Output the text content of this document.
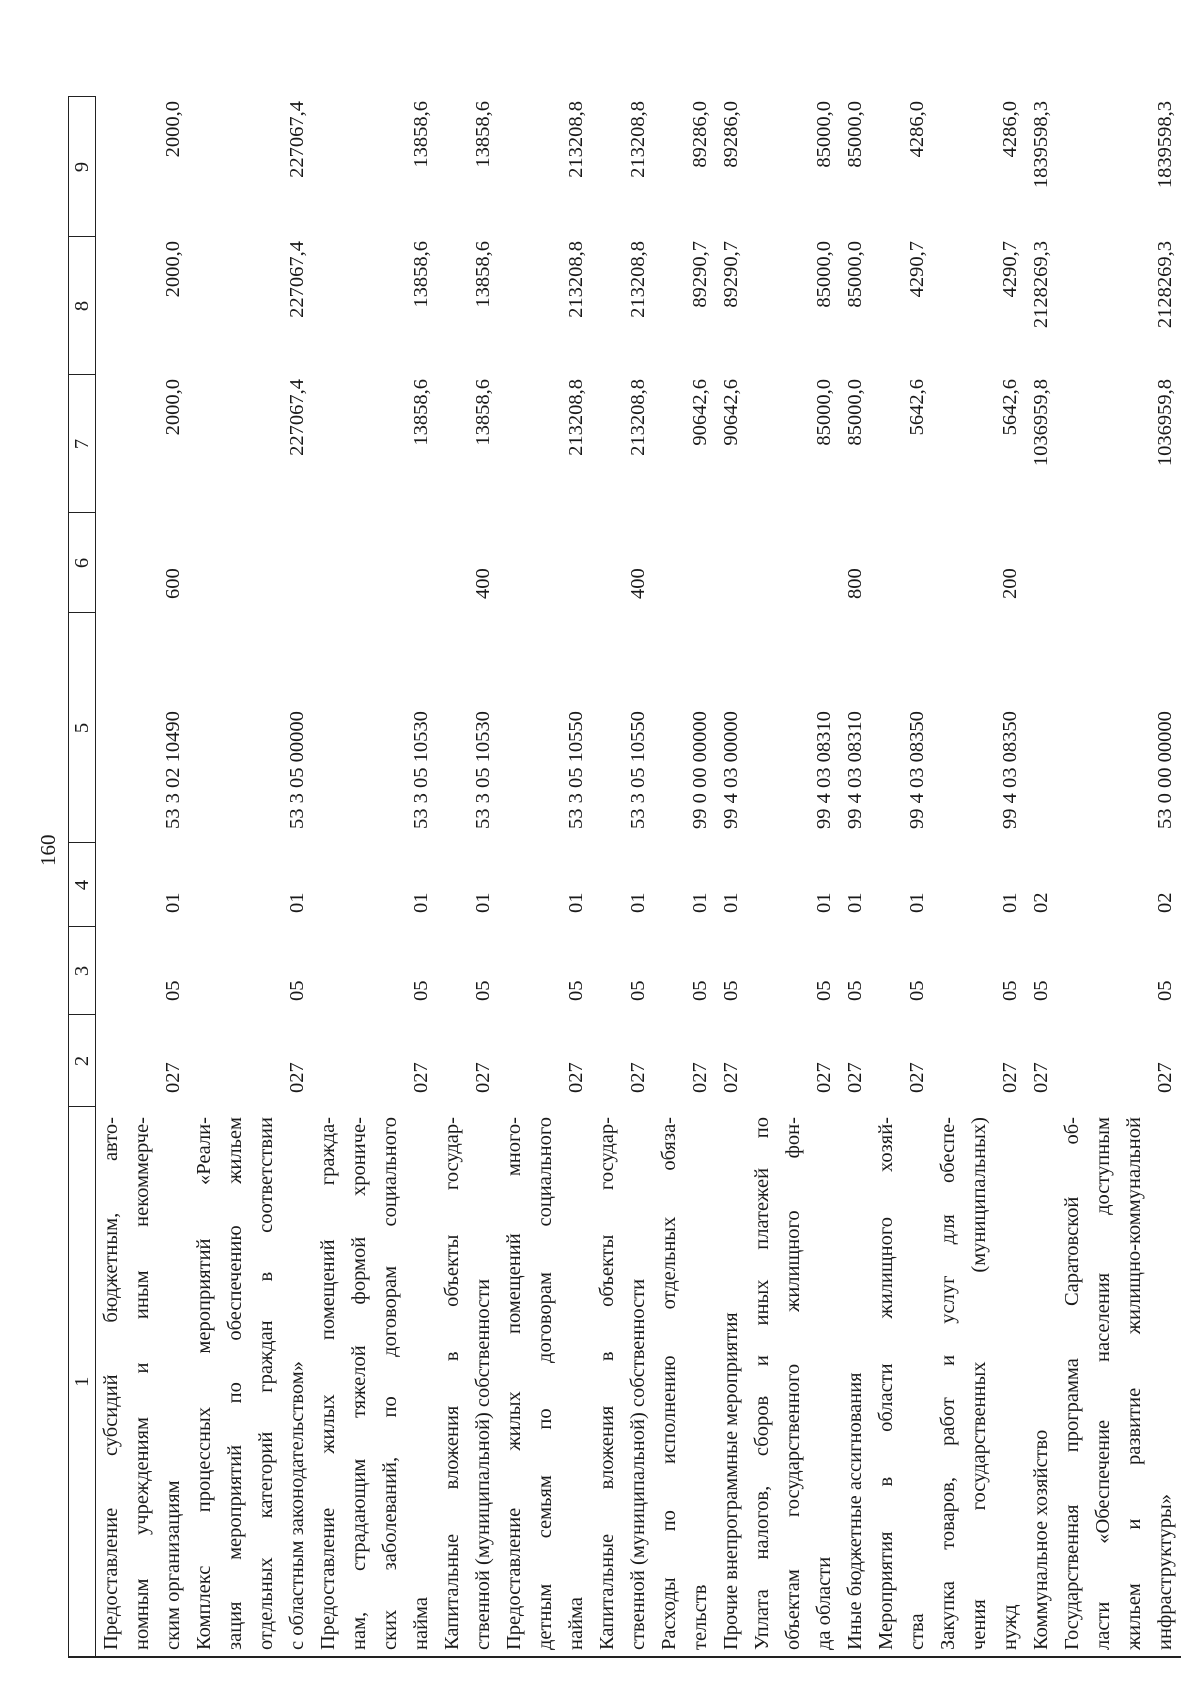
160
1	2	3	4	5	6	7	8	9

Предоставление субсидий бюджетным, авто- номным учреждениям и иным некоммерче- ским организациям	027	05	01	53 3 02 10490	600	2000,0	2000,0	2000,0

Комплекс процессных мероприятий «Реали- зация мероприятий по обеспечению жильем отдельных категорий граждан в соответствии с областным законодательством»	027	05	01	53 3 05 00000		227067,4	227067,4	227067,4

Предоставление жилых помещений гражда- нам, страдающим тяжелой формой хрониче- ских заболеваний, по договорам социального найма	027	05	01	53 3 05 10530		13858,6	13858,6	13858,6

Капитальные вложения в объекты государ- ственной (муниципальной) собственности	027	05	01	53 3 05 10530	400	13858,6	13858,6	13858,6

Предоставление жилых помещений много- детным семьям по договорам социального найма	027	05	01	53 3 05 10550		213208,8	213208,8	213208,8

Капитальные вложения в объекты государ- ственной (муниципальной) собственности	027	05	01	53 3 05 10550	400	213208,8	213208,8	213208,8

Расходы по исполнению отдельных обяза- тельств	027	05	01	99 0 00 00000		90642,6	89290,7	89286,0

Прочие внепрограммные мероприятия	027	05	01	99 4 03 00000		90642,6	89290,7	89286,0

Уплата налогов, сборов и иных платежей по объектам государственного жилищного фон- да области	027	05	01	99 4 03 08310		85000,0	85000,0	85000,0

Иные бюджетные ассигнования	027	05	01	99 4 03 08310	800	85000,0	85000,0	85000,0

Мероприятия в области жилищного хозяй- ства	027	05	01	99 4 03 08350		5642,6	4290,7	4286,0

Закупка товаров, работ и услуг для обеспе- чения государственных (муниципальных) нужд	027	05	01	99 4 03 08350	200	5642,6	4290,7	4286,0

Коммунальное хозяйство	027	05	02			1036959,8	2128269,3	1839598,3

Государственная программа Саратовской об- ласти «Обеспечение населения доступным жильем и развитие жилищно-коммунальной инфраструктуры»	027	05	02	53 0 00 00000		1036959,8	2128269,3	1839598,3
